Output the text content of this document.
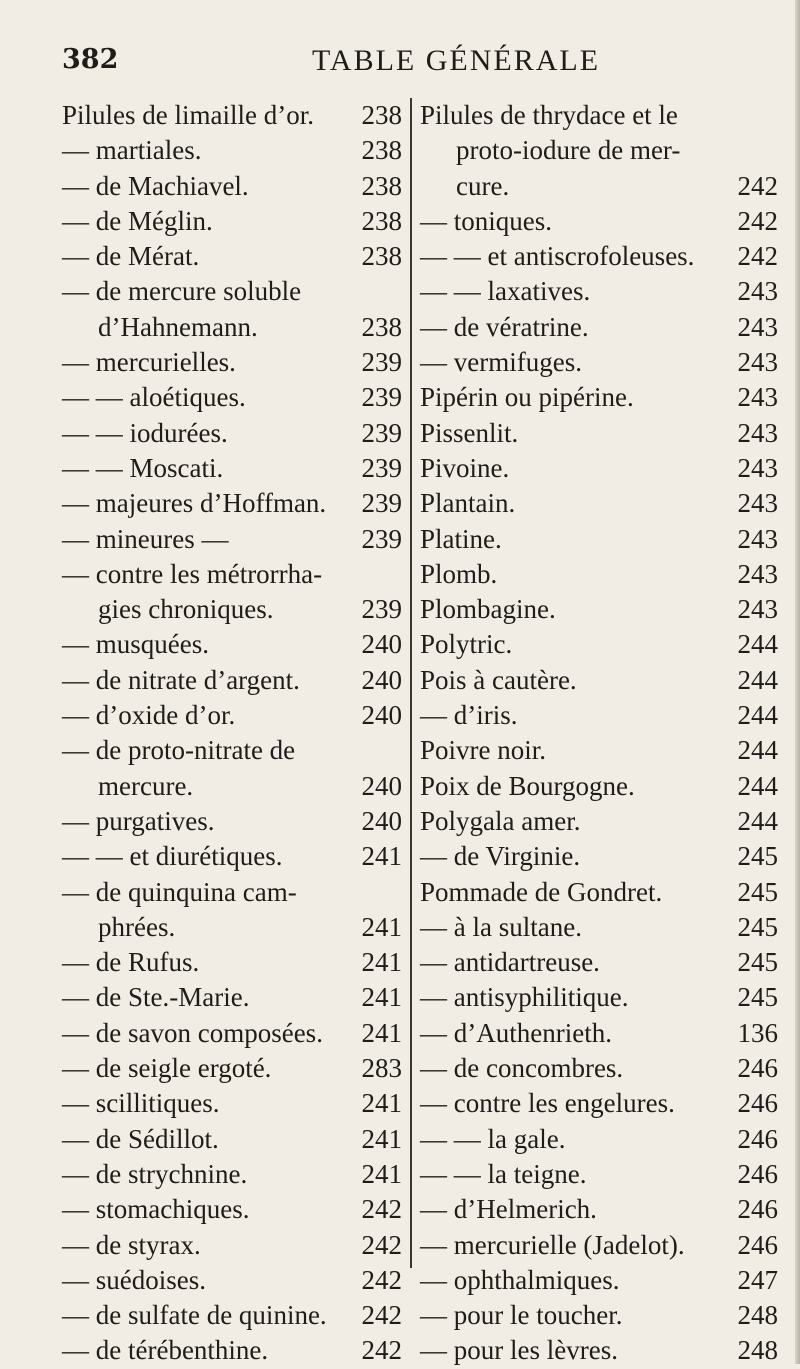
382	TABLE GÉNÉRALE
Pilules de limaille d’or. 238
— martiales.	238
— de Machiavel.	238
— de Méglin.	238
— de Mérat.	238
— de mercure soluble
d’Hahnemann.	238
— mercurielles.	239
— — aloétiques.	239
— — iodurées.	239
— — Moscati.	239
— majeures d’Hoffman. 239
— mineures —	239
— contre les métrorrha-
gies chroniques.	239
— musquées.	240
— de nitrate d’argent. 240
— d’oxide d’or.	240
— de proto-nitrate de
mercure.	240
— purgatives.	240
— — et diurétiques.	241
— de quinquina cam-
phrées.	241
— de Rufus.	241
— de Ste.-Marie.	241
— de savon composées. 241
— de seigle ergoté.	283
— scillitiques.	241
— de Sédillot.	241
— de strychnine.	241
— stomachiques.	242
— de styrax.	242
— suédoises.	242
— de sulfate de quinine. 242
— de térébenthine.	242
Pilules de thrydace et le
proto-iodure de mer-
cure.	242
— toniques.	242
— — et antiscrofoleuses. 242
— — laxatives.	243
— de vératrine.	243
— vermifuges.	243
Pipérin ou pipérine.	243
Pissenlit.	243
Pivoine.	243
Plantain.	243
Platine.	243
Plomb.	243
Plombagine.	243
Polytric.	244
Pois à cautère.	244
— d’iris.	244
Poivre noir.	244
Poix de Bourgogne.	244
Polygala amer.	244
— de Virginie.	245
Pommade de Gondret.	245
— à la sultane.	245
— antidartreuse.	245
— antisyphilitique.	245
— d’Authenrieth.	136
— de concombres.	246
— contre les engelures. 246
— — la gale.	246
— — la teigne.	246
— d’Helmerich.	246
— mercurielle (Jadelot). 246
— ophthalmiques.	247
— pour le toucher.	248
— pour les lèvres.	248
